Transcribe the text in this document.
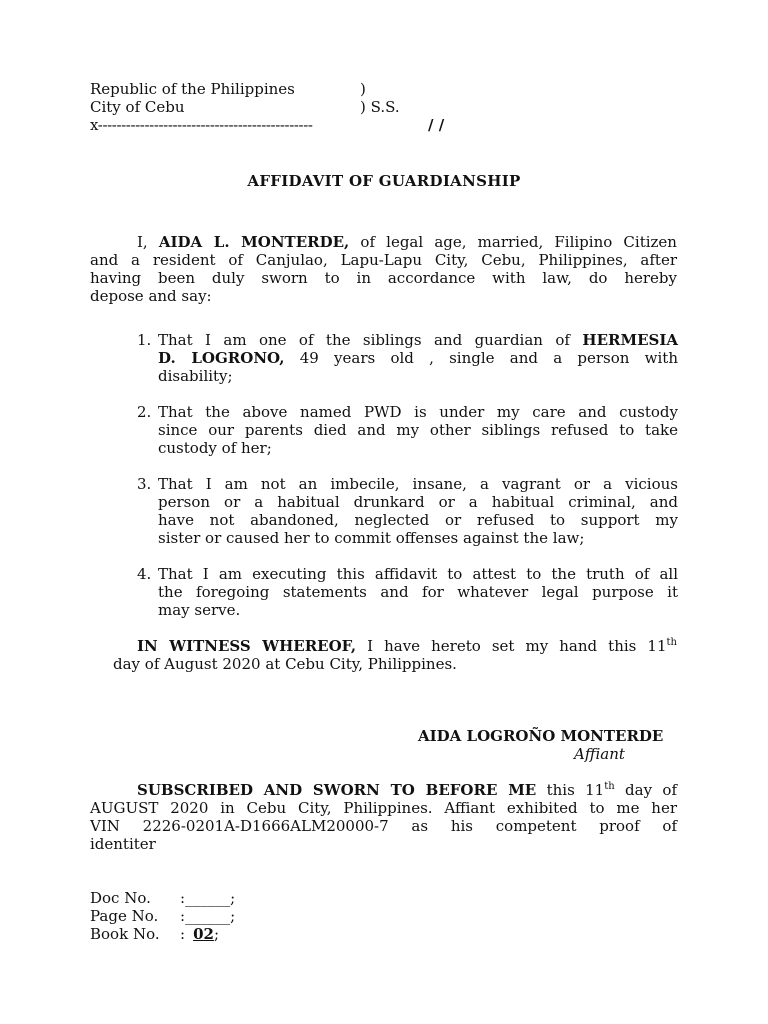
Republic of the Philippines	)
City of Cebu	) S.S.
x----------------------------------------------	/ /
AFFIDAVIT OF GUARDIANSHIP
I, AIDA L. MONTERDE, of legal age, married, Filipino Citizen
and a resident of Canjulao, Lapu-Lapu City, Cebu, Philippines, after
having been duly sworn to in accordance with law, do hereby
depose and say:
1. That I am one of the siblings and guardian of HERMESIA
D. LOGRONO, 49 years old , single and a person with
disability;
2. That the above named PWD is under my care and custody
since our parents died and my other siblings refused to take
custody of her;
3. That I am not an imbecile, insane, a vagrant or a vicious
person or a habitual drunkard or a habitual criminal, and
have not abandoned, neglected or refused to support my
sister or caused her to commit offenses against the law;
4. That I am executing this affidavit to attest to the truth of all
the foregoing statements and for whatever legal purpose it
may serve.
IN WITNESS WHEREOF, I have hereto set my hand this 11th
day of August 2020 at Cebu City, Philippines.
AIDA LOGROÑO MONTERDE
Affiant
SUBSCRIBED AND SWORN TO BEFORE ME this 11th day of
AUGUST 2020 in Cebu City, Philippines. Affiant exhibited to me her
VIN 2226-0201A-D1666ALM20000-7 as his competent proof of
identiter
Doc No. :______;
Page No. :______;
Book No. : 02;
